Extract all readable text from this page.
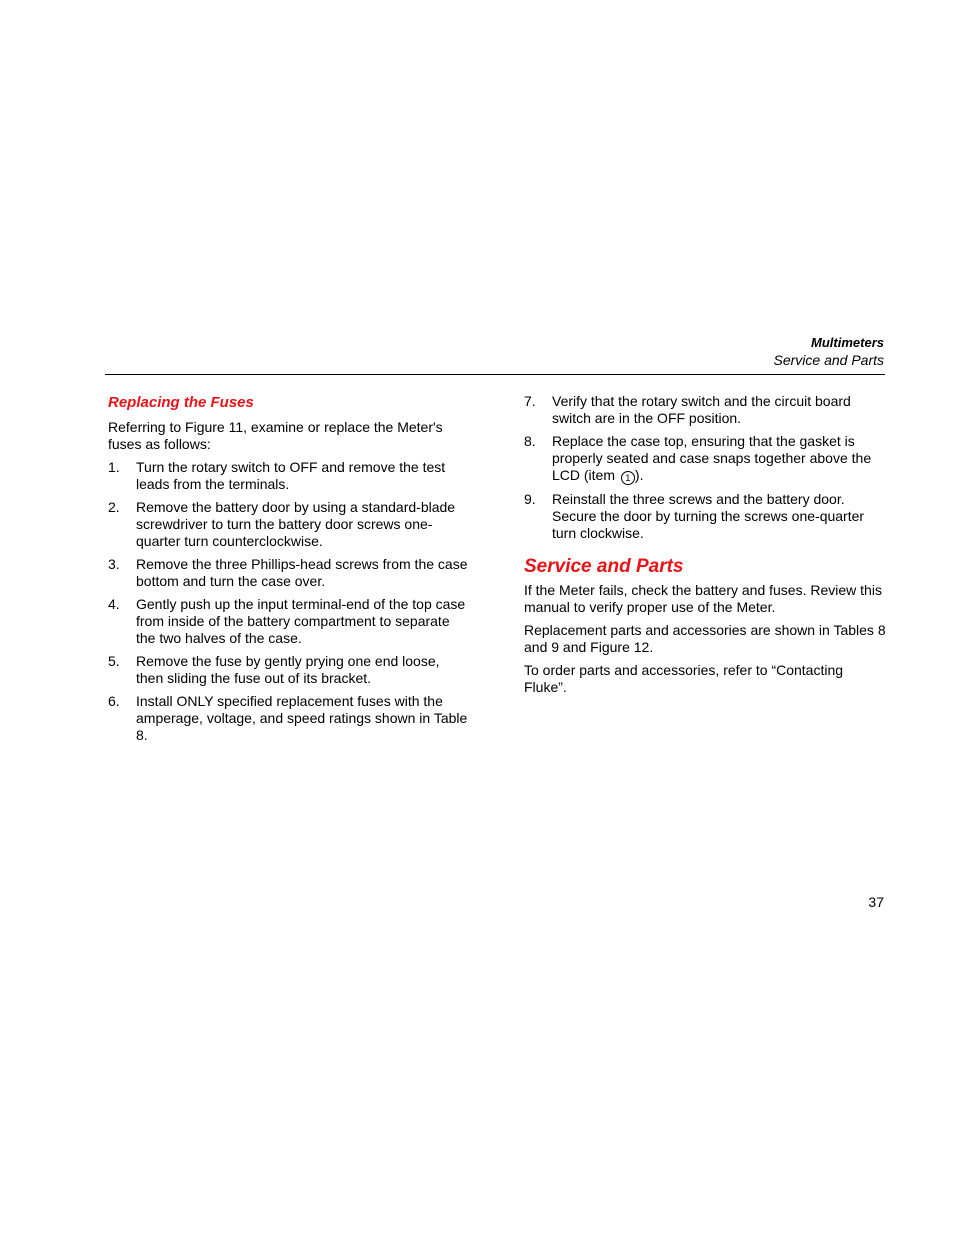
Multimeters
Service and Parts
Replacing the Fuses

Referring to Figure 11, examine or replace the Meter's fuses as follows:

1. Turn the rotary switch to OFF and remove the test leads from the terminals.
2. Remove the battery door by using a standard-blade screwdriver to turn the battery door screws one-quarter turn counterclockwise.
3. Remove the three Phillips-head screws from the case bottom and turn the case over.
4. Gently push up the input terminal-end of the top case from inside of the battery compartment to separate the two halves of the case.
5. Remove the fuse by gently prying one end loose, then sliding the fuse out of its bracket.
6. Install ONLY specified replacement fuses with the amperage, voltage, and speed ratings shown in Table 8.
7. Verify that the rotary switch and the circuit board switch are in the OFF position.
8. Replace the case top, ensuring that the gasket is properly seated and case snaps together above the LCD (item 1 ).
9. Reinstall the three screws and the battery door. Secure the door by turning the screws one-quarter turn clockwise.
Service and Parts

If the Meter fails, check the battery and fuses. Review this manual to verify proper use of the Meter.

Replacement parts and accessories are shown in Tables 8 and 9 and Figure 12.

To order parts and accessories, refer to “Contacting Fluke”.

37
